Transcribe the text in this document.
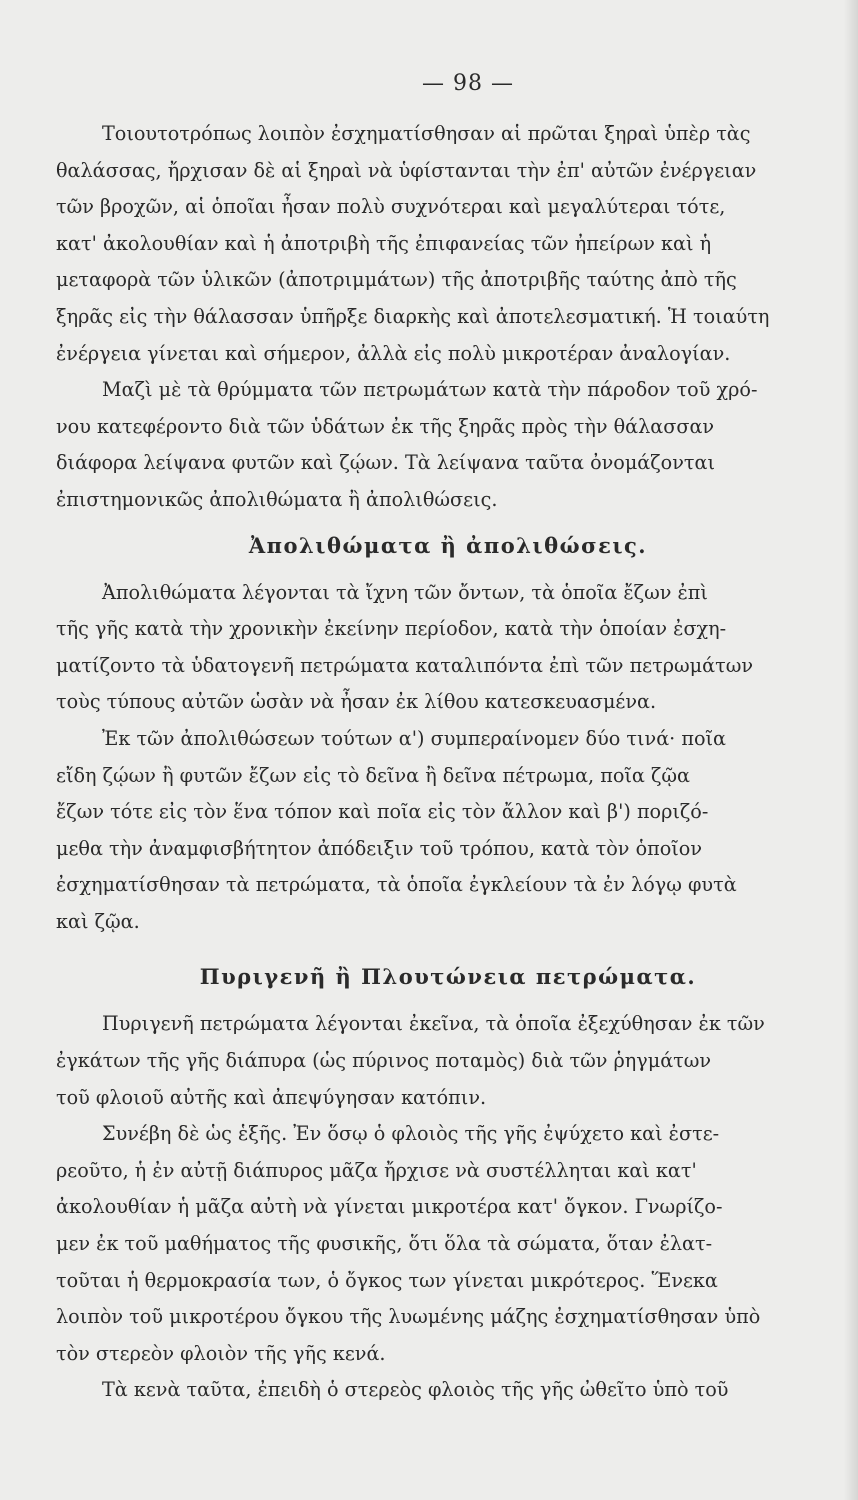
— 98 —
Τοιουτοτρόπως λοιπὸν ἐσχηματίσθησαν αἱ πρῶται ξηραὶ ὑπὲρ τὰς
θαλάσσας, ἤρχισαν δὲ αἱ ξηραὶ νὰ ὑφίστανται τὴν ἐπ' αὐτῶν ἐνέργειαν
τῶν βροχῶν, αἱ ὁποῖαι ἦσαν πολὺ συχνότεραι καὶ μεγαλύτεραι τότε,
κατ' ἀκολουθίαν καὶ ἡ ἀποτριβὴ τῆς ἐπιφανείας τῶν ἠπείρων καὶ ἡ
μεταφορὰ τῶν ὑλικῶν (ἀποτριμμάτων) τῆς ἀποτριβῆς ταύτης ἀπὸ τῆς
ξηρᾶς εἰς τὴν θάλασσαν ὑπῆρξε διαρκὴς καὶ ἀποτελεσματική. Ἡ τοιαύτη
ἐνέργεια γίνεται καὶ σήμερον, ἀλλὰ εἰς πολὺ μικροτέραν ἀναλογίαν.
Μαζὶ μὲ τὰ θρύμματα τῶν πετρωμάτων κατὰ τὴν πάροδον τοῦ χρό-
νου κατεφέροντο διὰ τῶν ὑδάτων ἐκ τῆς ξηρᾶς πρὸς τὴν θάλασσαν
διάφορα λείψανα φυτῶν καὶ ζῴων. Τὰ λείψανα ταῦτα ὀνομάζονται
ἐπιστημονικῶς ἀπολιθώματα ἢ ἀπολιθώσεις.
Ἀπολιθώματα ἢ ἀπολιθώσεις.
Ἀπολιθώματα λέγονται τὰ ἴχνη τῶν ὄντων, τὰ ὁποῖα ἔζων ἐπὶ
τῆς γῆς κατὰ τὴν χρονικὴν ἐκείνην περίοδον, κατὰ τὴν ὁποίαν ἐσχη-
ματίζοντο τὰ ὑδατογενῆ πετρώματα καταλιπόντα ἐπὶ τῶν πετρωμάτων
τοὺς τύπους αὐτῶν ὡσὰν νὰ ἦσαν ἐκ λίθου κατεσκευασμένα.
Ἐκ τῶν ἀπολιθώσεων τούτων α') συμπεραίνομεν δύο τινά· ποῖα
εἴδη ζῴων ἢ φυτῶν ἔζων εἰς τὸ δεῖνα ἢ δεῖνα πέτρωμα, ποῖα ζῷα
ἔζων τότε εἰς τὸν ἕνα τόπον καὶ ποῖα εἰς τὸν ἄλλον καὶ β') ποριζό-
μεθα τὴν ἀναμφισβήτητον ἀπόδειξιν τοῦ τρόπου, κατὰ τὸν ὁποῖον
ἐσχηματίσθησαν τὰ πετρώματα, τὰ ὁποῖα ἐγκλείουν τὰ ἐν λόγῳ φυτὰ
καὶ ζῷα.
Πυριγενῆ ἢ Πλουτώνεια πετρώματα.
Πυριγενῆ πετρώματα λέγονται ἐκεῖνα, τὰ ὁποῖα ἐξεχύθησαν ἐκ τῶν
ἐγκάτων τῆς γῆς διάπυρα (ὡς πύρινος ποταμὸς) διὰ τῶν ῥηγμάτων
τοῦ φλοιοῦ αὐτῆς καὶ ἀπεψύγησαν κατόπιν.
Συνέβη δὲ ὡς ἑξῆς. Ἐν ὅσῳ ὁ φλοιὸς τῆς γῆς ἐψύχετο καὶ ἐστε-
ρεοῦτο, ἡ ἐν αὐτῇ διάπυρος μᾶζα ἤρχισε νὰ συστέλληται καὶ κατ'
ἀκολουθίαν ἡ μᾶζα αὐτὴ νὰ γίνεται μικροτέρα κατ' ὄγκον. Γνωρίζο-
μεν ἐκ τοῦ μαθήματος τῆς φυσικῆς, ὅτι ὅλα τὰ σώματα, ὅταν ἐλατ-
τοῦται ἡ θερμοκρασία των, ὁ ὄγκος των γίνεται μικρότερος. Ἕνεκα
λοιπὸν τοῦ μικροτέρου ὄγκου τῆς λυωμένης μάζης ἐσχηματίσθησαν ὑπὸ
τὸν στερεὸν φλοιὸν τῆς γῆς κενά.
Τὰ κενὰ ταῦτα, ἐπειδὴ ὁ στερεὸς φλοιὸς τῆς γῆς ὠθεῖτο ὑπὸ τοῦ
